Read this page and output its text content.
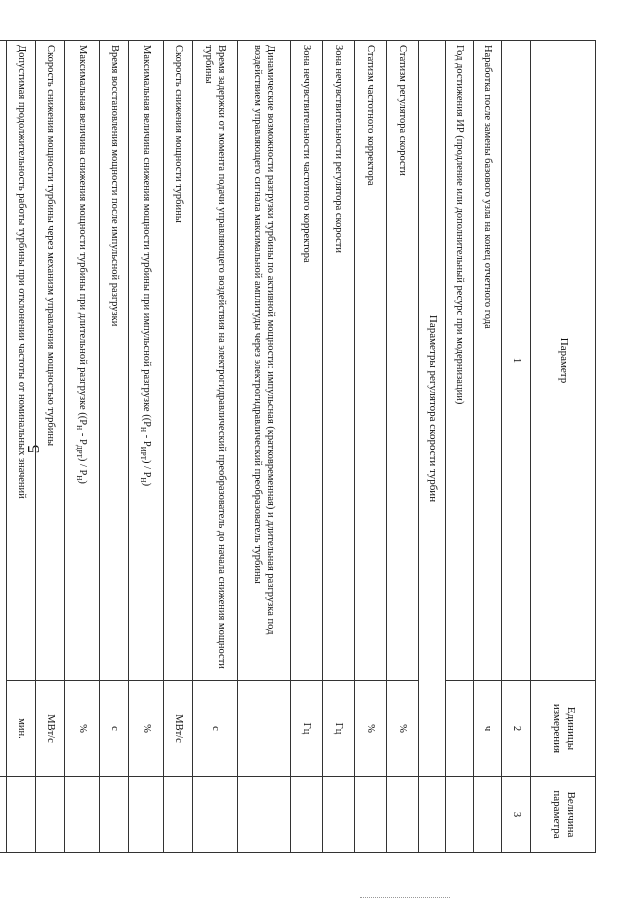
5
Параметр	Единицы измерения	Величина параметра
1	2	3
Наработка после замены базового узла на конец отчетного года	ч	
Год достижения ИР (продление или дополнительный ресурс при модернизации)		
Параметры регулятора скорости турбин		
Статизм регулятора скорости	%	
Статизм частотного корректора	%	
Зона нечувствительности регулятора скорости	Гц	
Зона нечувствительности частотного корректора	Гц	
Динамические возможности разгрузки турбины по активной мощности: импульсная (кратковременная) и длительная разгрузка под воздействием управляющего сигнала максимальной амплитуды через электрогидравлический преобразователь турбины		
Время задержки от момента подачи управляющего воздействия на электрогидравлический преобразователь до начала снижения мощности турбины	с	
Скорость снижения мощности турбины	МВт/с	
Максимальная величина снижения мощности турбины при импульсной разгрузке $((P_Н - P_{ИРТ}) / P_Н)$	%	
Время восстановления мощности после импульсной разгрузки	с	
Максимальная величина снижения мощности турбины при длительной разгрузке $((P_Н - P_{ДРТ}) / P_Н)$	%	
Скорость снижения мощности турбины через механизм управления мощностью турбины	МВт/с	
Допустимая продолжительность работы турбины при отклонении частоты от номинальных значений	мин.	
